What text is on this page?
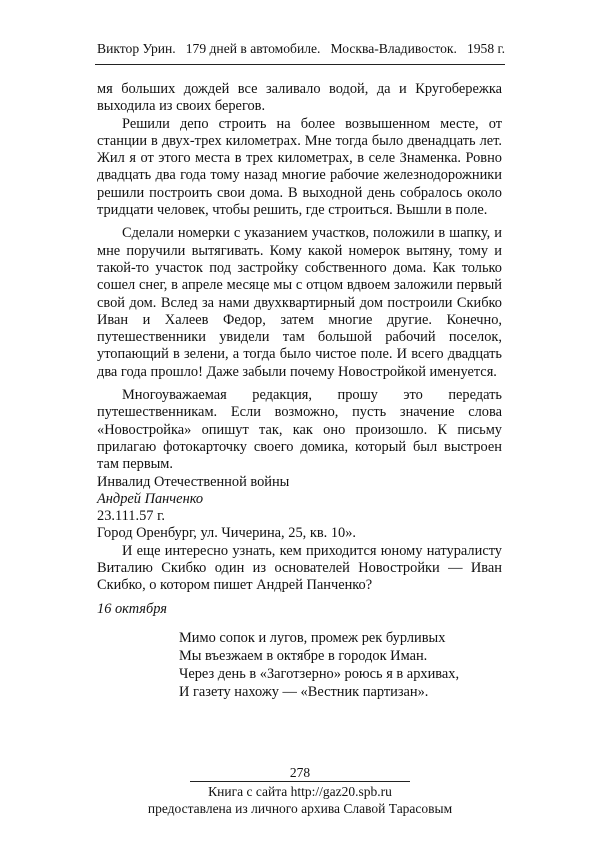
Виктор Урин. 179 дней в автомобиле. Москва-Владивосток. 1958 г.

мя больших дождей все заливало водой, да и Кругобережка выходила из своих берегов.

Решили депо строить на более возвышенном месте, от станции в двух-трех километрах. Мне тогда было двенадцать лет. Жил я от этого места в трех километрах, в селе Знаменка. Ровно двадцать два года тому назад многие рабочие железнодорожники решили построить свои дома. В выходной день собралось около тридцати человек, чтобы решить, где строиться. Вышли в поле.

Сделали номерки с указанием участков, положили в шапку, и мне поручили вытягивать. Кому какой номерок вытяну, тому и такой-то участок под застройку собственного дома. Как только сошел снег, в апреле месяце мы с отцом вдвоем заложили первый свой дом. Вслед за нами двухквартирный дом построили Скибко Иван и Халеев Федор, затем многие другие. Конечно, путешественники увидели там большой рабочий поселок, утопающий в зелени, а тогда было чистое поле. И всего двадцать два года прошло! Даже забыли почему Новостройкой именуется.

Многоуважаемая редакция, прошу это передать путешественникам. Если возможно, пусть значение слова «Новостройка» опишут так, как оно произошло. К письму прилагаю фотокарточку своего домика, который был выстроен там первым.

Инвалид Отечественной войны

Андрей Панченко

23.111.57 г.

Город Оренбург, ул. Чичерина, 25, кв. 10».

И еще интересно узнать, кем приходится юному натуралисту Виталию Скибко один из основателей Новостройки — Иван Скибко, о котором пишет Андрей Панченко?

16 октября

Мимо сопок и лугов, промеж рек бурливых
Мы въезжаем в октябре в городок Иман.
Через день в «Заготзерно» роюсь я в архивах,
И газету нахожу — «Вестник партизан».
278
Книга с сайта http://gaz20.spb.ru
предоставлена из личного архива Славой Тарасовым
